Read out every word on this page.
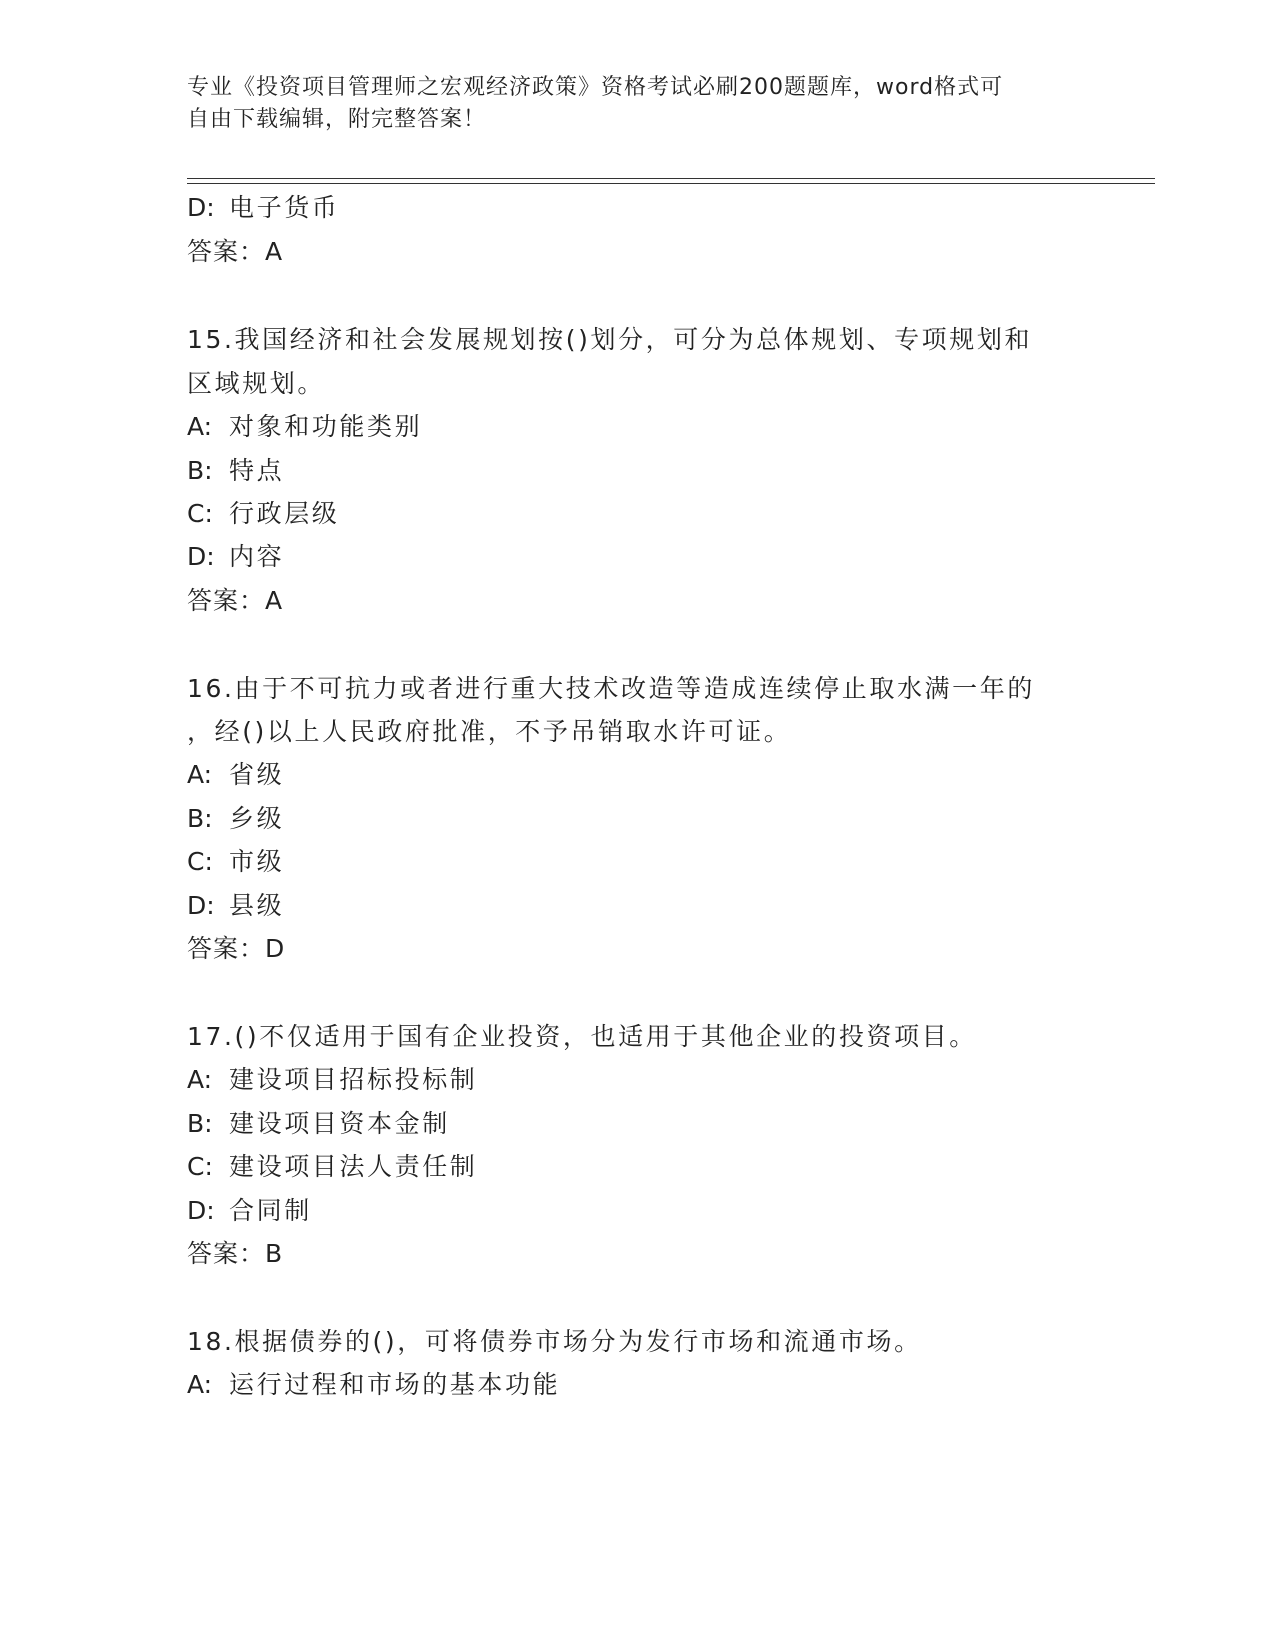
专业《投资项目管理师之宏观经济政策》资格考试必刷200题题库，word格式可
自由下载编辑，附完整答案！
D: 电子货币
答案：A
15.我国经济和社会发展规划按()划分，可分为总体规划、专项规划和
区域规划。
A: 对象和功能类别
B: 特点
C: 行政层级
D: 内容
答案：A
16.由于不可抗力或者进行重大技术改造等造成连续停止取水满一年的
，经()以上人民政府批准，不予吊销取水许可证。
A: 省级
B: 乡级
C: 市级
D: 县级
答案：D
17.()不仅适用于国有企业投资，也适用于其他企业的投资项目。
A: 建设项目招标投标制
B: 建设项目资本金制
C: 建设项目法人责任制
D: 合同制
答案：B
18.根据债券的()，可将债券市场分为发行市场和流通市场。
A: 运行过程和市场的基本功能
